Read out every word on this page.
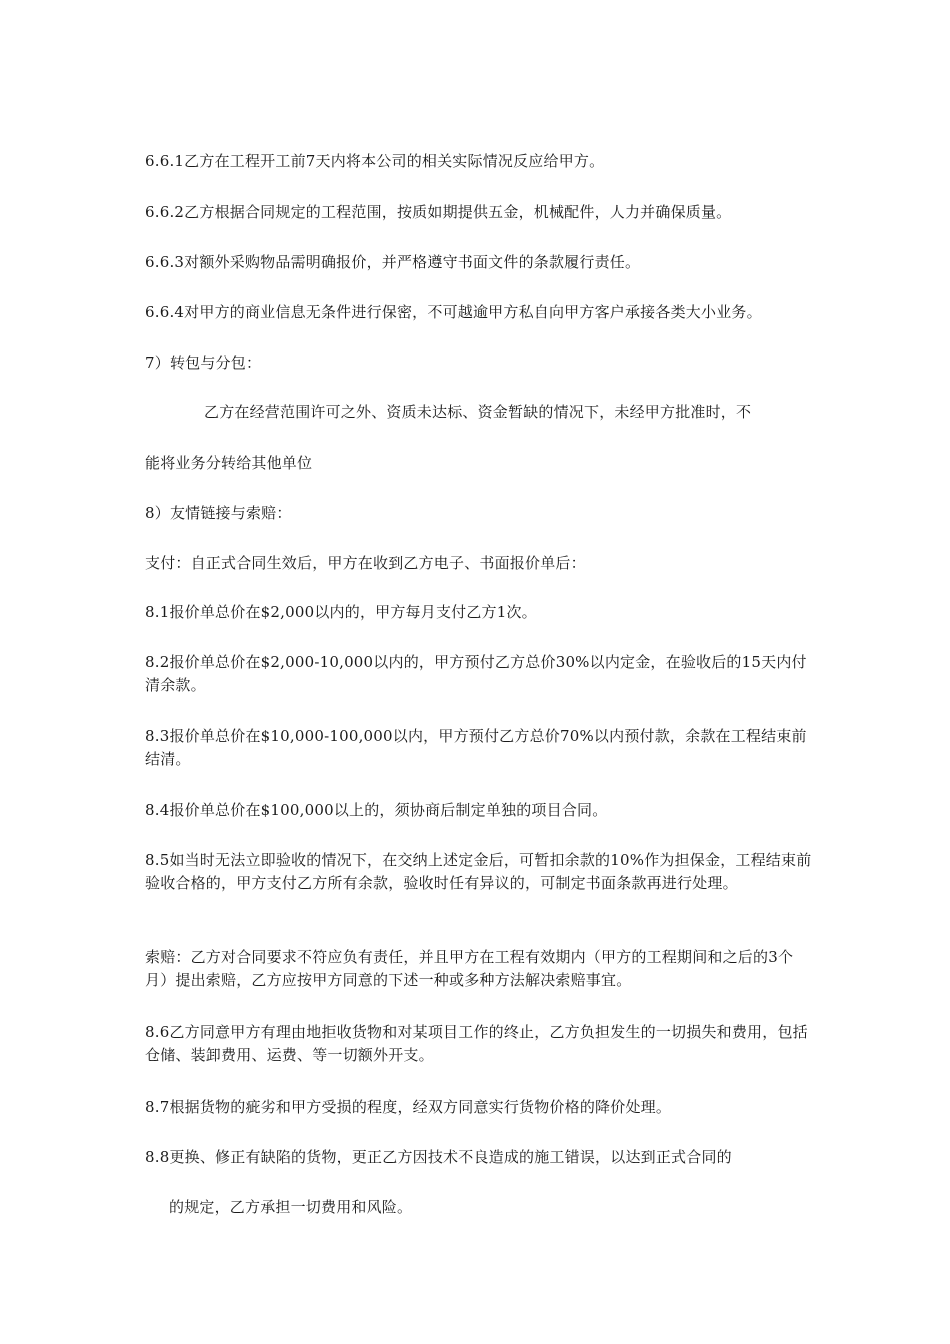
6.6.1乙方在工程开工前7天内将本公司的相关实际情况反应给甲方。
6.6.2乙方根据合同规定的工程范围，按质如期提供五金，机械配件，人力并确保质量。
6.6.3对额外采购物品需明确报价，并严格遵守书面文件的条款履行责任。
6.6.4对甲方的商业信息无条件进行保密，不可越逾甲方私自向甲方客户承接各类大小业务。
7）转包与分包：
乙方在经营范围许可之外、资质未达标、资金暂缺的情况下，未经甲方批准时，不
能将业务分转给其他单位
8）友情链接与索赔：
支付：自正式合同生效后，甲方在收到乙方电子、书面报价单后：
8.1报价单总价在$2,000以内的，甲方每月支付乙方1次。
8.2报价单总价在$2,000-10,000以内的，甲方预付乙方总价30%以内定金，在验收后的15天内付清余款。
8.3报价单总价在$10,000-100,000以内，甲方预付乙方总价70%以内预付款，余款在工程结束前结清。
8.4报价单总价在$100,000以上的，须协商后制定单独的项目合同。
8.5如当时无法立即验收的情况下，在交纳上述定金后，可暂扣余款的10%作为担保金，工程结束前验收合格的，甲方支付乙方所有余款，验收时任有异议的，可制定书面条款再进行处理。
索赔：乙方对合同要求不符应负有责任，并且甲方在工程有效期内（甲方的工程期间和之后的3个月）提出索赔，乙方应按甲方同意的下述一种或多种方法解决索赔事宜。
8.6乙方同意甲方有理由地拒收货物和对某项目工作的终止，乙方负担发生的一切损失和费用，包括仓储、装卸费用、运费、等一切额外开支。
8.7根据货物的疵劣和甲方受损的程度，经双方同意实行货物价格的降价处理。
8.8更换、修正有缺陷的货物，更正乙方因技术不良造成的施工错误，以达到正式合同的
的规定，乙方承担一切费用和风险。
